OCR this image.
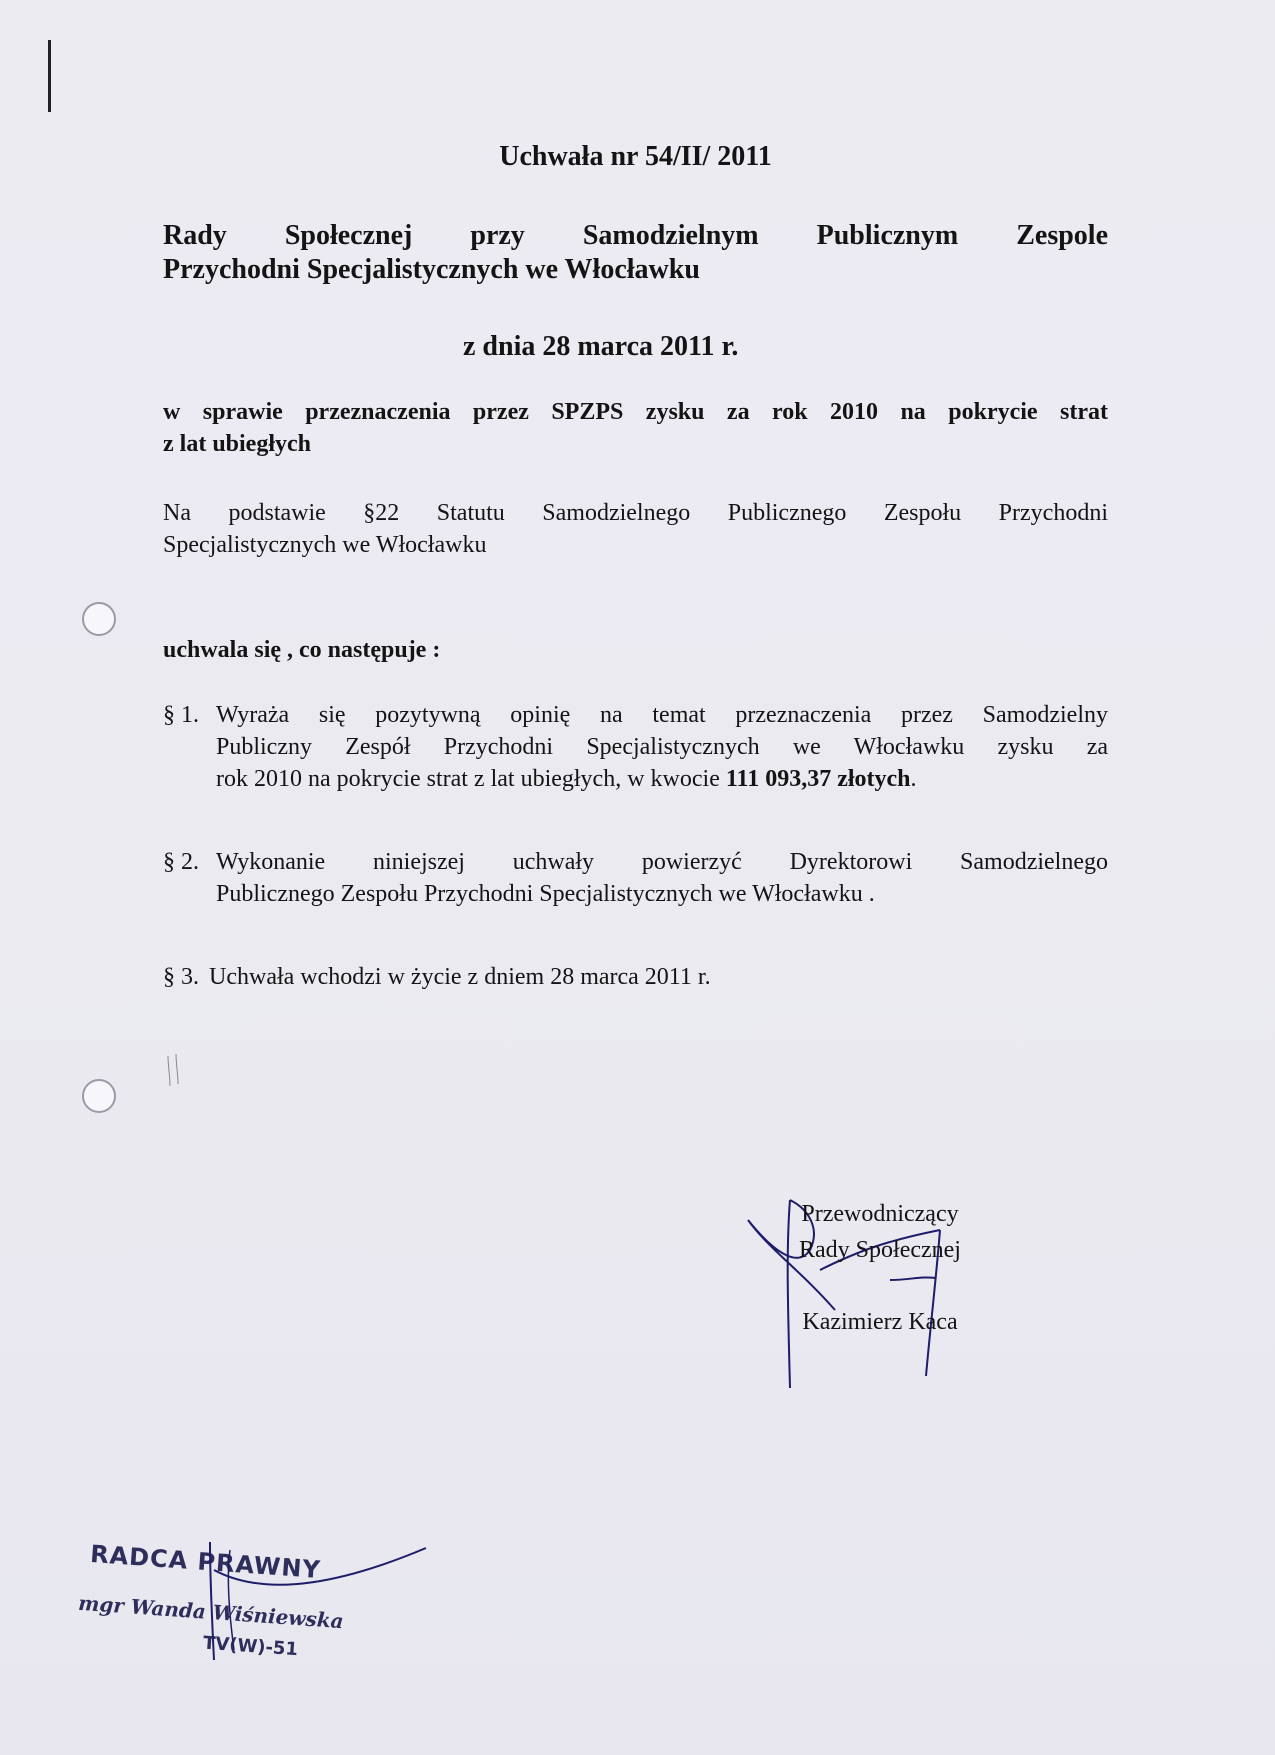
Uchwała nr 54/II/ 2011
Rady Społecznej przy Samodzielnym Publicznym Zespole
Przychodni Specjalistycznych we Włocławku
z dnia 28 marca 2011 r.
w sprawie przeznaczenia przez SPZPS zysku za rok 2010 na pokrycie strat
z lat ubiegłych
Na podstawie §22 Statutu Samodzielnego Publicznego Zespołu Przychodni
Specjalistycznych we Włocławku
uchwala się , co następuje :
§ 1. Wyraża się pozytywną opinię na temat przeznaczenia przez Samodzielny
Publiczny Zespół Przychodni Specjalistycznych we Włocławku zysku za
rok 2010 na pokrycie strat z lat ubiegłych, w kwocie 111 093,37 złotych.
§ 2. Wykonanie niniejszej uchwały powierzyć Dyrektorowi Samodzielnego
Publicznego Zespołu Przychodni Specjalistycznych we Włocławku .
§ 3. Uchwała wchodzi w życie z dniem 28 marca 2011 r.
Przewodniczący
Rady Społecznej
Kazimierz Kaca
RADCA PRAWNY
mgr Wanda Wiśniewska
TV(W)-51
